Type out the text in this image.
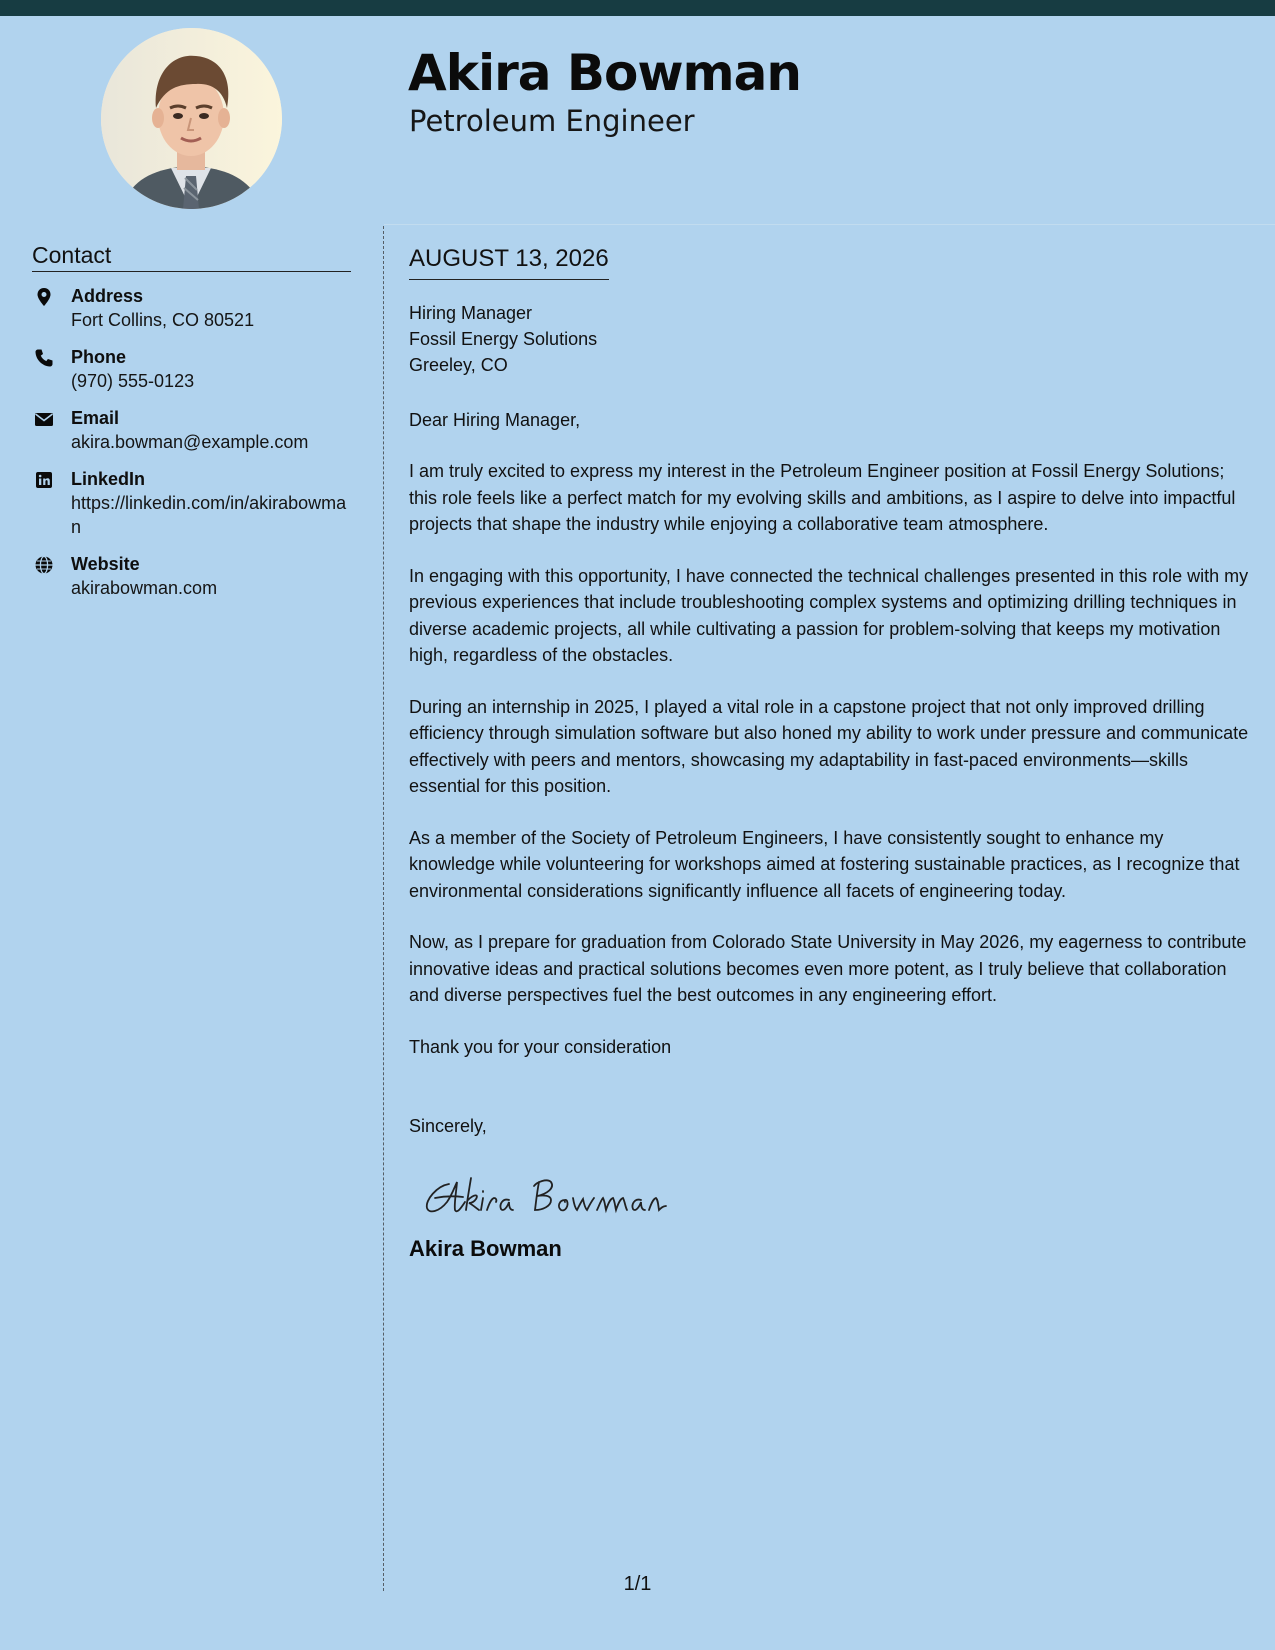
Akira Bowman
Petroleum Engineer
Contact
Address
Fort Collins, CO 80521
Phone
(970) 555-0123
Email
akira.bowman@example.com
LinkedIn
https://linkedin.com/in/akirabowman
Website
akirabowman.com
AUGUST 13, 2026
Hiring Manager
Fossil Energy Solutions
Greeley, CO
Dear Hiring Manager,

I am truly excited to express my interest in the Petroleum Engineer position at Fossil Energy Solutions; this role feels like a perfect match for my evolving skills and ambitions, as I aspire to delve into impactful projects that shape the industry while enjoying a collaborative team atmosphere.

In engaging with this opportunity, I have connected the technical challenges presented in this role with my previous experiences that include troubleshooting complex systems and optimizing drilling techniques in diverse academic projects, all while cultivating a passion for problem-solving that keeps my motivation high, regardless of the obstacles.

During an internship in 2025, I played a vital role in a capstone project that not only improved drilling efficiency through simulation software but also honed my ability to work under pressure and communicate effectively with peers and mentors, showcasing my adaptability in fast-paced environments—skills essential for this position.

As a member of the Society of Petroleum Engineers, I have consistently sought to enhance my knowledge while volunteering for workshops aimed at fostering sustainable practices, as I recognize that environmental considerations significantly influence all facets of engineering today.

Now, as I prepare for graduation from Colorado State University in May 2026, my eagerness to contribute innovative ideas and practical solutions becomes even more potent, as I truly believe that collaboration and diverse perspectives fuel the best outcomes in any engineering effort.

Thank you for your consideration
Sincerely,
Akira Bowman
1/1
